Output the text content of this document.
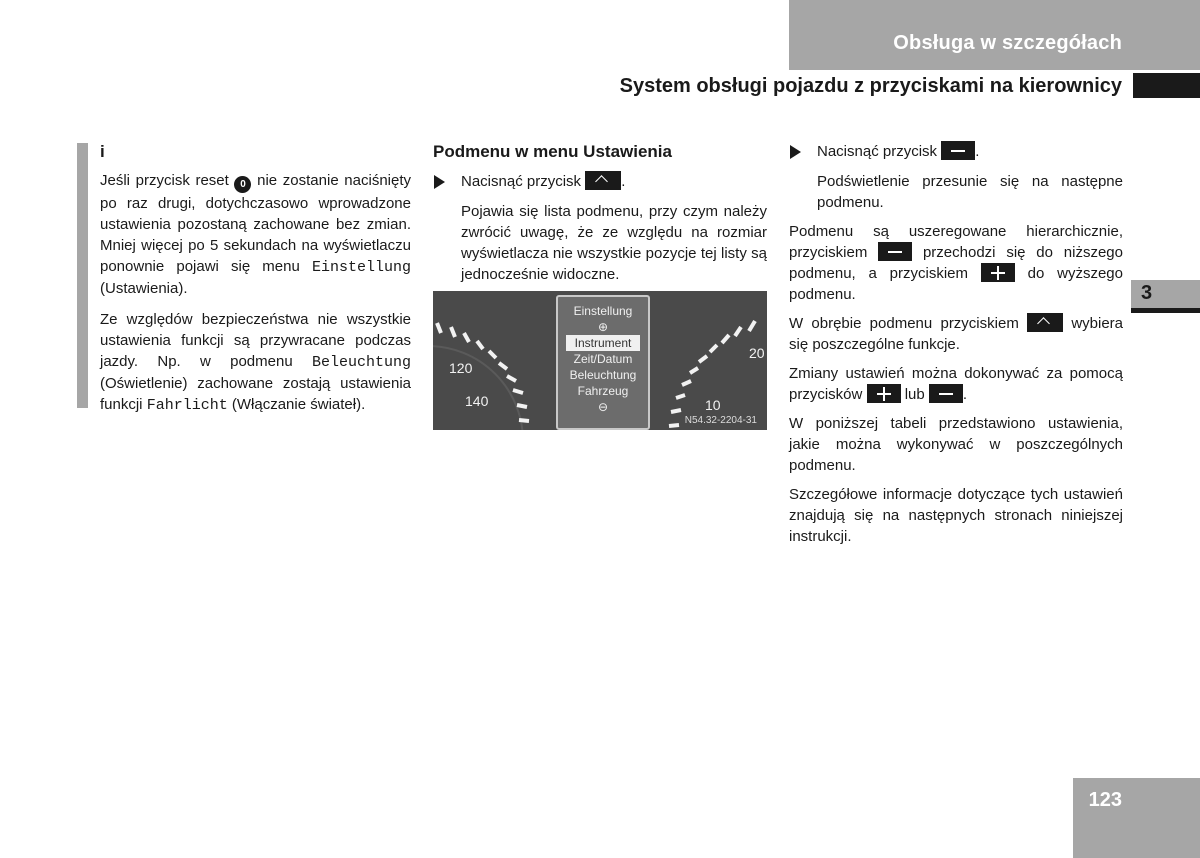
Obsługa w szczegółach
System obsługi pojazdu z przyciskami na kierownicy
3
i

Jeśli przycisk reset 0 nie zostanie naciśnięty po raz drugi, dotychczasowo wprowadzone ustawienia pozostaną zachowane bez zmian. Mniej więcej po 5 sekundach na wyświetlaczu ponownie pojawi się menu Einstellung (Ustawienia).

Ze względów bezpieczeństwa nie wszystkie ustawienia funkcji są przywracane podczas jazdy. Np. w podmenu Beleuchtung (Oświetlenie) zachowane zostają ustawienia funkcji Fahrlicht (Włączanie świateł).

Podmenu w menu Ustawienia
Nacisnąć przycisk	.

Pojawia się lista podmenu, przy czym należy zwrócić uwagę, że ze względu na rozmiar wyświetlacza nie wszystkie pozycje tej listy są jednocześnie widoczne.

120
140
20
10
Einstellung
⊕
Instrument
Zeit/Datum
Beleuchtung
Fahrzeug
⊖
N54.32-2204-31
Nacisnąć przycisk	.

Podświetlenie przesunie się na następne podmenu.

Podmenu są uszeregowane hierarchicznie, przyciskiem	przechodzi się do niższego podmenu, a przyciskiem	do wyższego podmenu.

W obrębie podmenu przyciskiem	wybiera się poszczególne funkcje.

Zmiany ustawień można dokonywać za pomocą przycisków	lub	.

W poniższej tabeli przedstawiono ustawienia, jakie można wykonywać w poszczególnych podmenu.

Szczegółowe informacje dotyczące tych ustawień znajdują się na następnych stronach niniejszej instrukcji.

123
